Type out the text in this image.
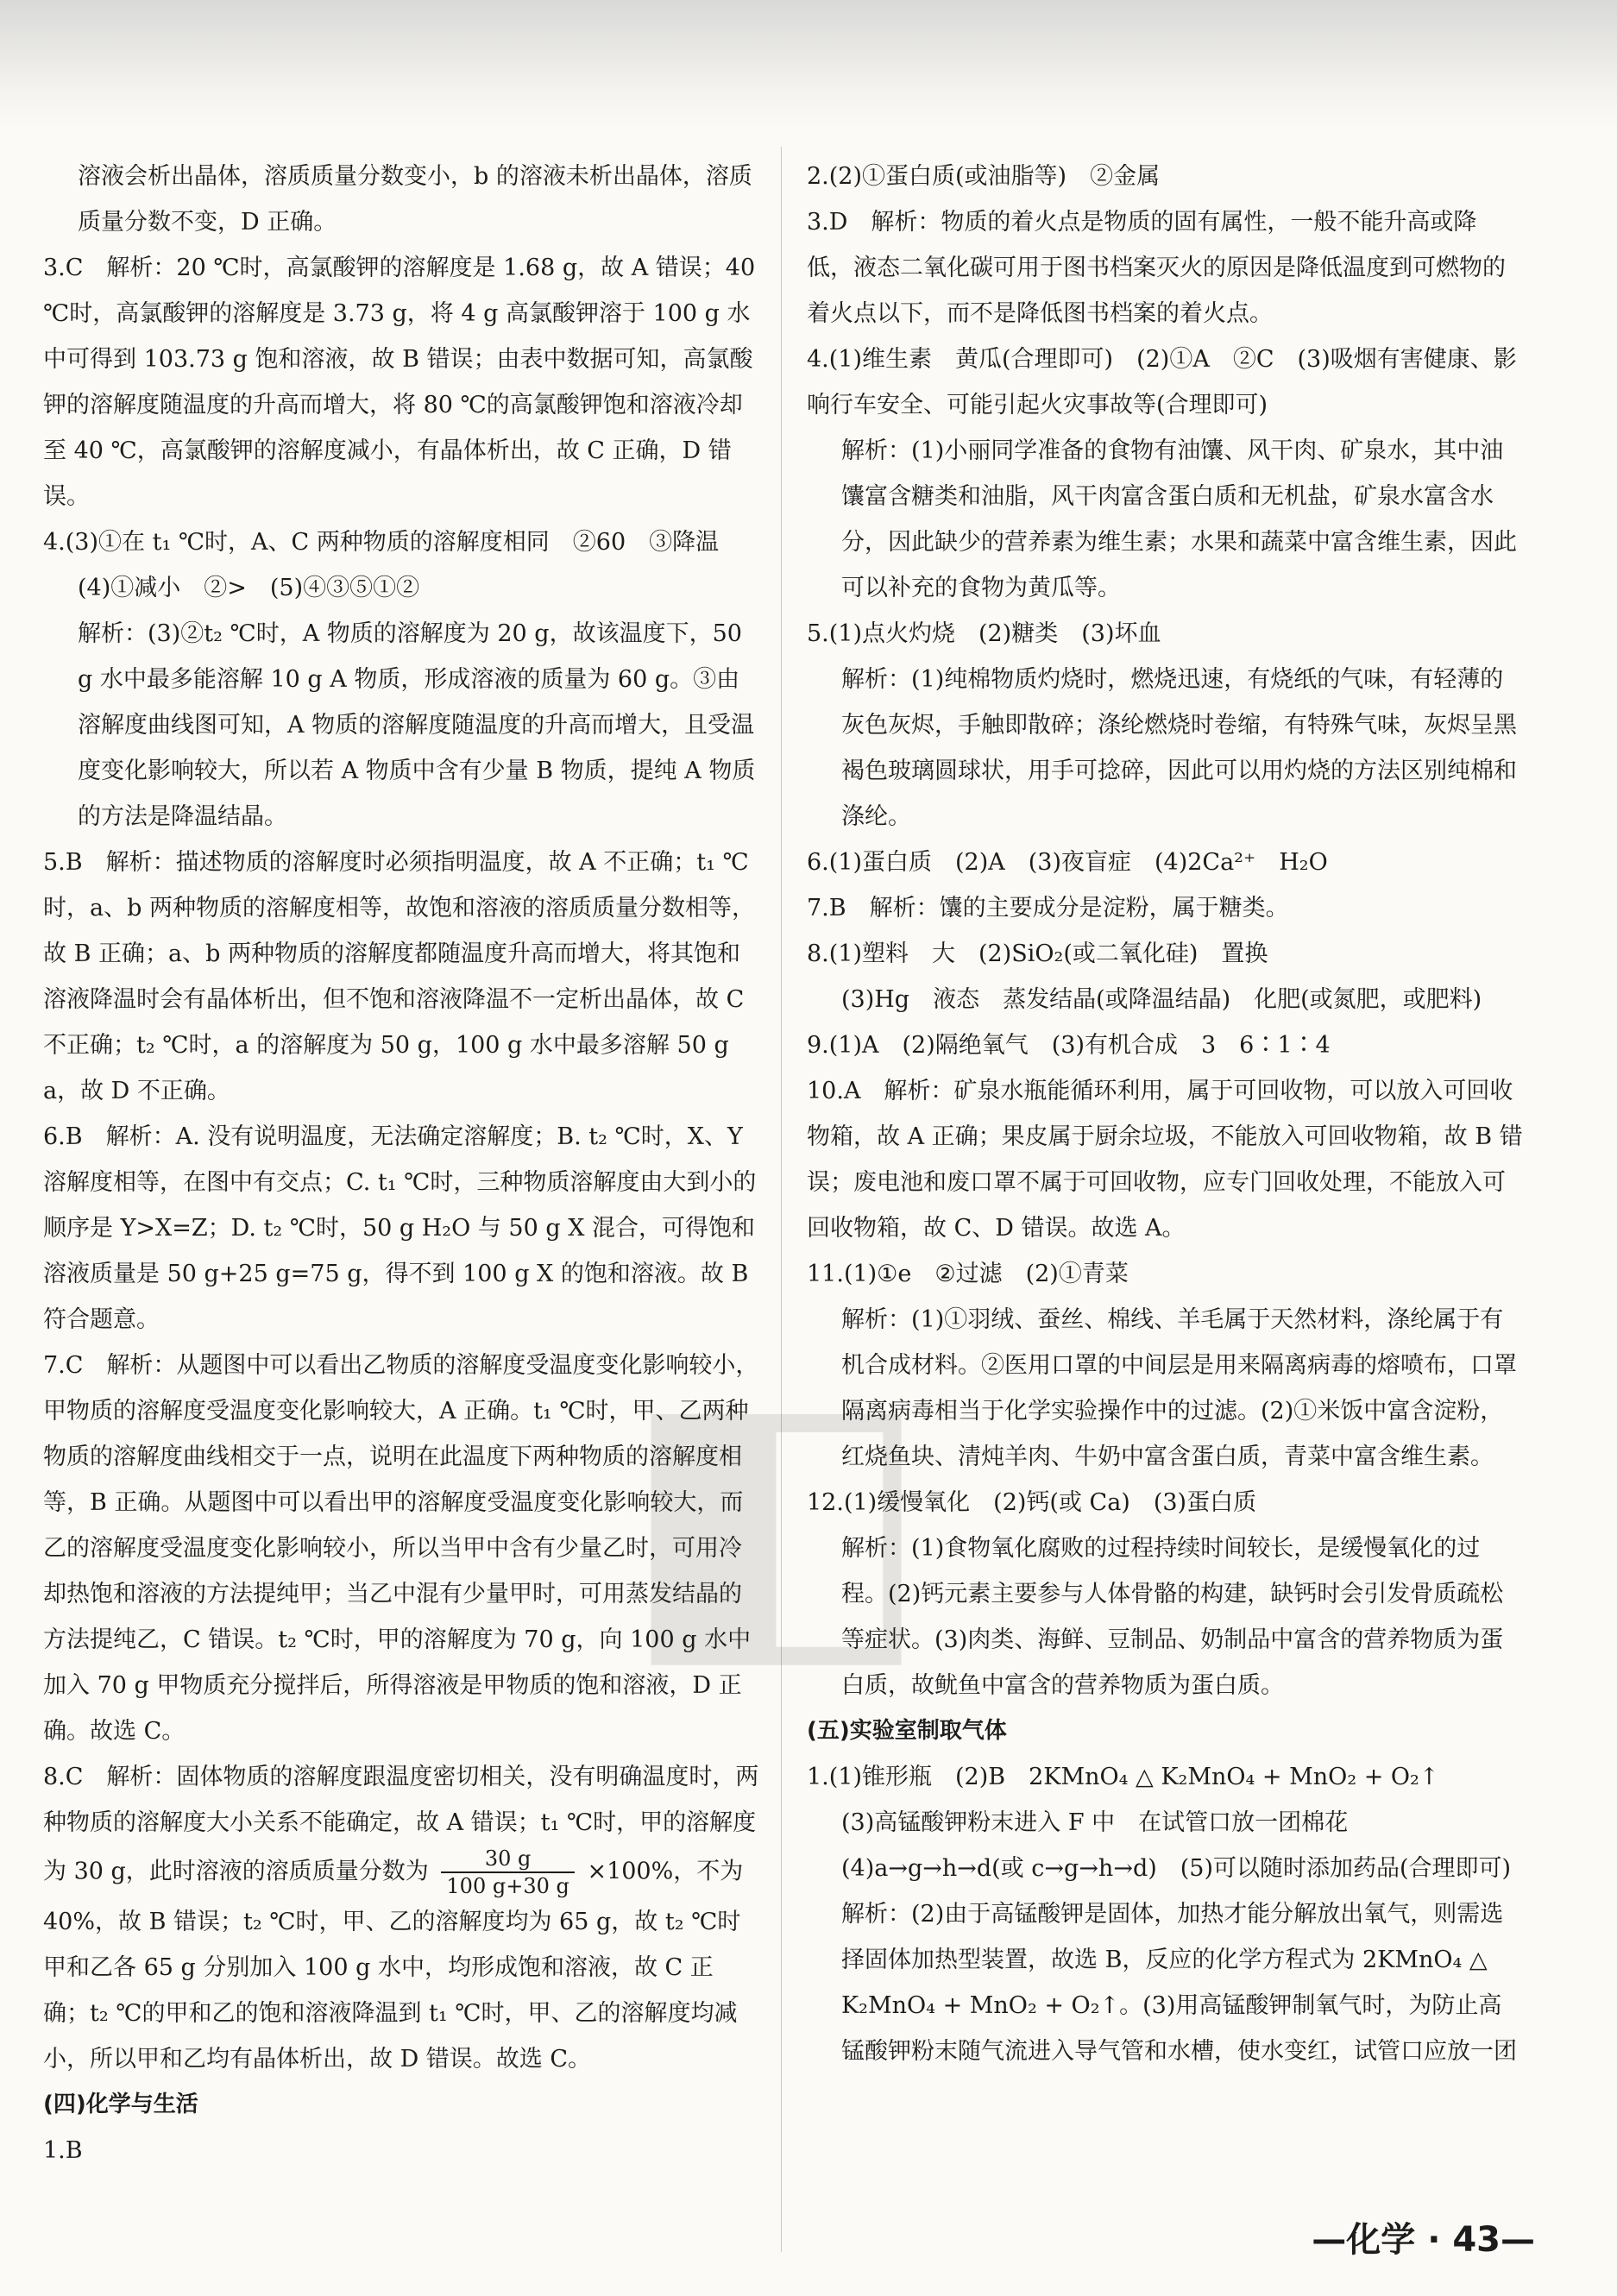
◧

溶液会析出晶体，溶质质量分数变小，b 的溶液未析出晶体，溶质质量分数不变，D 正确。

3.C　解析：20 ℃时，高氯酸钾的溶解度是 1.68 g，故 A 错误；40 ℃时，高氯酸钾的溶解度是 3.73 g，将 4 g 高氯酸钾溶于 100 g 水中可得到 103.73 g 饱和溶液，故 B 错误；由表中数据可知，高氯酸钾的溶解度随温度的升高而增大，将 80 ℃的高氯酸钾饱和溶液冷却至 40 ℃，高氯酸钾的溶解度减小，有晶体析出，故 C 正确，D 错误。

4.(3)①在 t₁ ℃时，A、C 两种物质的溶解度相同　②60　③降温

(4)①减小　②>　(5)④③⑤①②

解析：(3)②t₂ ℃时，A 物质的溶解度为 20 g，故该温度下，50 g 水中最多能溶解 10 g A 物质，形成溶液的质量为 60 g。③由溶解度曲线图可知，A 物质的溶解度随温度的升高而增大，且受温度变化影响较大，所以若 A 物质中含有少量 B 物质，提纯 A 物质的方法是降温结晶。

5.B　解析：描述物质的溶解度时必须指明温度，故 A 不正确；t₁ ℃时，a、b 两种物质的溶解度相等，故饱和溶液的溶质质量分数相等，故 B 正确；a、b 两种物质的溶解度都随温度升高而增大，将其饱和溶液降温时会有晶体析出，但不饱和溶液降温不一定析出晶体，故 C 不正确；t₂ ℃时，a 的溶解度为 50 g，100 g 水中最多溶解 50 g a，故 D 不正确。

6.B　解析：A. 没有说明温度，无法确定溶解度；B. t₂ ℃时，X、Y 溶解度相等，在图中有交点；C. t₁ ℃时，三种物质溶解度由大到小的顺序是 Y>X=Z；D. t₂ ℃时，50 g H₂O 与 50 g X 混合，可得饱和溶液质量是 50 g+25 g=75 g，得不到 100 g X 的饱和溶液。故 B 符合题意。

7.C　解析：从题图中可以看出乙物质的溶解度受温度变化影响较小，甲物质的溶解度受温度变化影响较大，A 正确。t₁ ℃时，甲、乙两种物质的溶解度曲线相交于一点，说明在此温度下两种物质的溶解度相等，B 正确。从题图中可以看出甲的溶解度受温度变化影响较大，而乙的溶解度受温度变化影响较小，所以当甲中含有少量乙时，可用冷却热饱和溶液的方法提纯甲；当乙中混有少量甲时，可用蒸发结晶的方法提纯乙，C 错误。t₂ ℃时，甲的溶解度为 70 g，向 100 g 水中加入 70 g 甲物质充分搅拌后，所得溶液是甲物质的饱和溶液，D 正确。故选 C。

8.C　解析：固体物质的溶解度跟温度密切相关，没有明确温度时，两种物质的溶解度大小关系不能确定，故 A 错误；t₁ ℃时，甲的溶解度为 30 g，此时溶液的溶质质量分数为 $\frac{30 g}{100 g+30 g} \times 100\%$，不为 40%，故 B 错误；t₂ ℃时，甲、乙的溶解度均为 65 g，故 t₂ ℃时甲和乙各 65 g 分别加入 100 g 水中，均形成饱和溶液，故 C 正确；t₂ ℃的甲和乙的饱和溶液降温到 t₁ ℃时，甲、乙的溶解度均减小，所以甲和乙均有晶体析出，故 D 错误。故选 C。

(四)化学与生活

1.B

2.(2)①蛋白质(或油脂等)　②金属

3.D　解析：物质的着火点是物质的固有属性，一般不能升高或降低，液态二氧化碳可用于图书档案灭火的原因是降低温度到可燃物的着火点以下，而不是降低图书档案的着火点。

4.(1)维生素　黄瓜(合理即可)　(2)①A　②C　(3)吸烟有害健康、影响行车安全、可能引起火灾事故等(合理即可)

解析：(1)小丽同学准备的食物有油馕、风干肉、矿泉水，其中油馕富含糖类和油脂，风干肉富含蛋白质和无机盐，矿泉水富含水分，因此缺少的营养素为维生素；水果和蔬菜中富含维生素，因此可以补充的食物为黄瓜等。

5.(1)点火灼烧　(2)糖类　(3)坏血

解析：(1)纯棉物质灼烧时，燃烧迅速，有烧纸的气味，有轻薄的灰色灰烬，手触即散碎；涤纶燃烧时卷缩，有特殊气味，灰烬呈黑褐色玻璃圆球状，用手可捻碎，因此可以用灼烧的方法区别纯棉和涤纶。

6.(1)蛋白质　(2)A　(3)夜盲症　(4)2Ca²⁺　H₂O

7.B　解析：馕的主要成分是淀粉，属于糖类。

8.(1)塑料　大　(2)SiO₂(或二氧化硅)　置换

(3)Hg　液态　蒸发结晶(或降温结晶)　化肥(或氮肥，或肥料)

9.(1)A　(2)隔绝氧气　(3)有机合成　3　6∶1∶4

10.A　解析：矿泉水瓶能循环利用，属于可回收物，可以放入可回收物箱，故 A 正确；果皮属于厨余垃圾，不能放入可回收物箱，故 B 错误；废电池和废口罩不属于可回收物，应专门回收处理，不能放入可回收物箱，故 C、D 错误。故选 A。

11.(1)①e　②过滤　(2)①青菜

解析：(1)①羽绒、蚕丝、棉线、羊毛属于天然材料，涤纶属于有机合成材料。②医用口罩的中间层是用来隔离病毒的熔喷布，口罩隔离病毒相当于化学实验操作中的过滤。(2)①米饭中富含淀粉，红烧鱼块、清炖羊肉、牛奶中富含蛋白质，青菜中富含维生素。

12.(1)缓慢氧化　(2)钙(或 Ca)　(3)蛋白质

解析：(1)食物氧化腐败的过程持续时间较长，是缓慢氧化的过程。(2)钙元素主要参与人体骨骼的构建，缺钙时会引发骨质疏松等症状。(3)肉类、海鲜、豆制品、奶制品中富含的营养物质为蛋白质，故鱿鱼中富含的营养物质为蛋白质。

(五)实验室制取气体

1.(1)锥形瓶　(2)B　2KMnO₄ △ K₂MnO₄ + MnO₂ + O₂↑

(3)高锰酸钾粉末进入 F 中　在试管口放一团棉花

(4)a→g→h→d(或 c→g→h→d)　(5)可以随时添加药品(合理即可)

解析：(2)由于高锰酸钾是固体，加热才能分解放出氧气，则需选择固体加热型装置，故选 B，反应的化学方程式为 2KMnO₄ △ K₂MnO₄ + MnO₂ + O₂↑。(3)用高锰酸钾制氧气时，为防止高锰酸钾粉末随气流进入导气管和水槽，使水变红，试管口应放一团

—化学 · 43—
